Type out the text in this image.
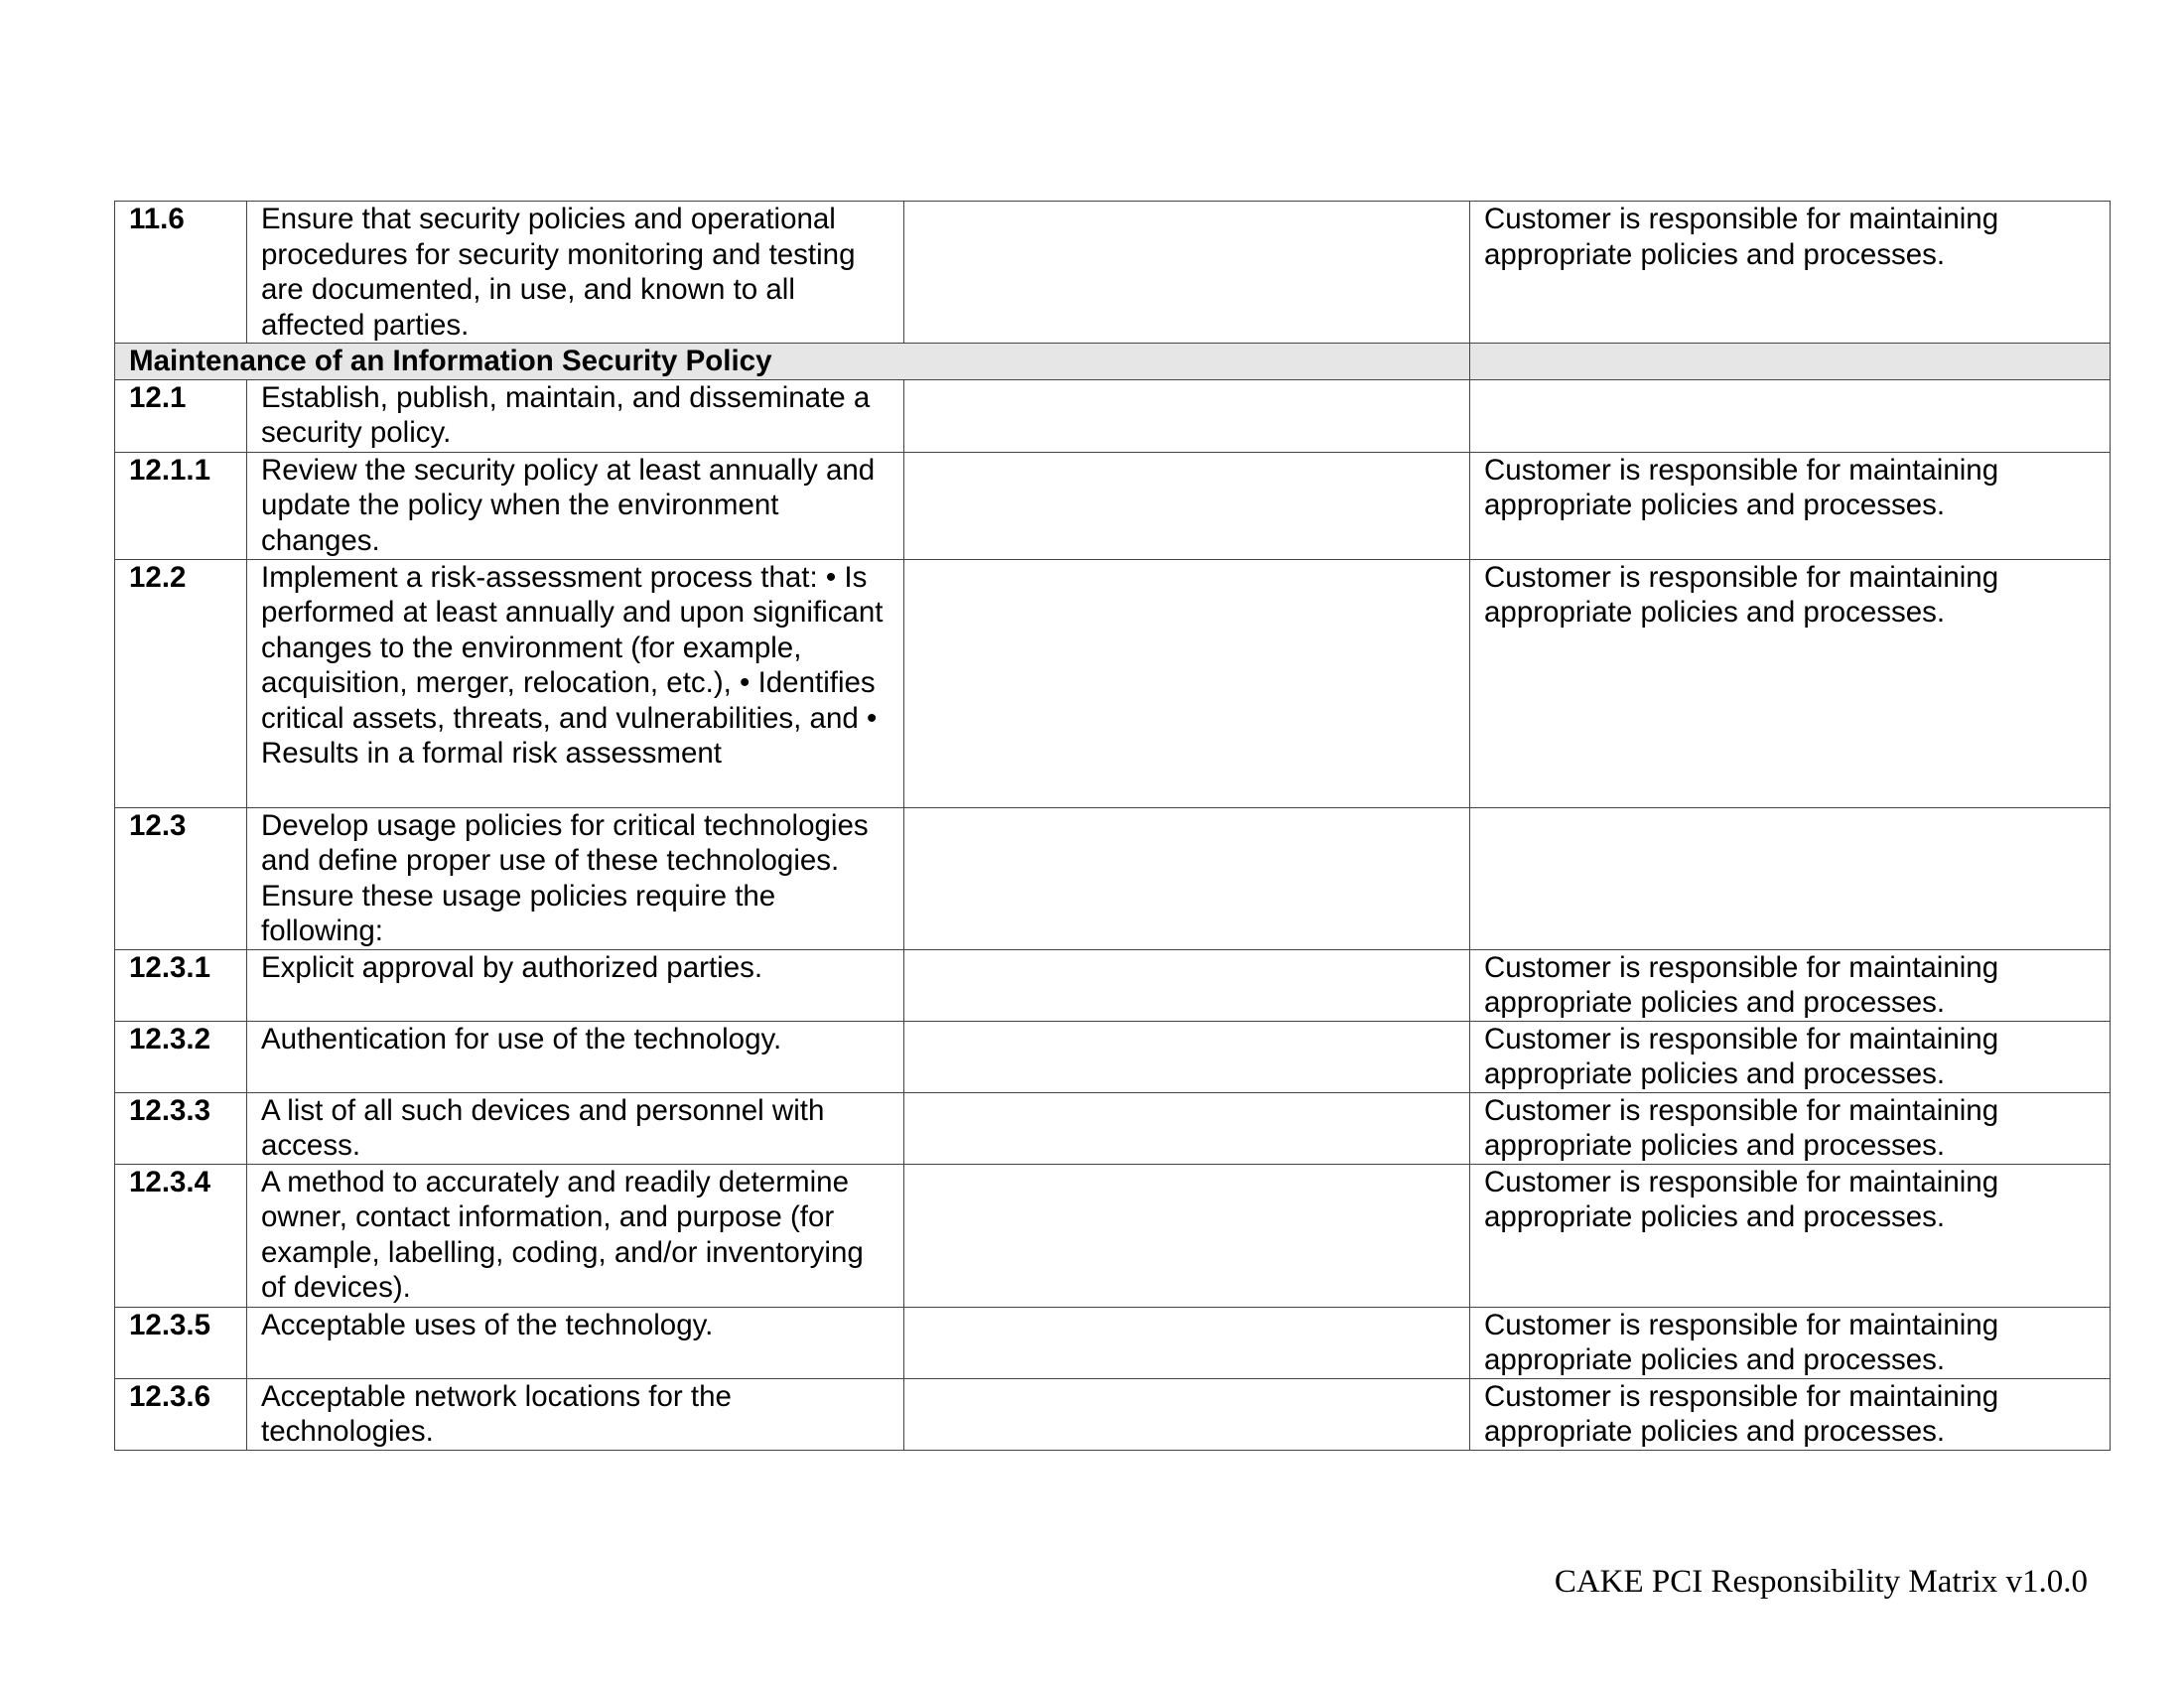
11.6	Ensure that security policies and operational procedures for security monitoring and testing are documented, in use, and known to all affected parties.		Customer is responsible for maintaining appropriate policies and processes.
Maintenance of an Information Security Policy			
12.1	Establish, publish, maintain, and disseminate a security policy.		
12.1.1	Review the security policy at least annually and update the policy when the environment changes.		Customer is responsible for maintaining appropriate policies and processes.
12.2	Implement a risk-assessment process that: • Is performed at least annually and upon significant changes to the environment (for example, acquisition, merger, relocation, etc.), • Identifies critical assets, threats, and vulnerabilities, and • Results in a formal risk assessment		Customer is responsible for maintaining appropriate policies and processes.
12.3	Develop usage policies for critical technologies and define proper use of these technologies. Ensure these usage policies require the following:		
12.3.1	Explicit approval by authorized parties.		Customer is responsible for maintaining appropriate policies and processes.
12.3.2	Authentication for use of the technology.		Customer is responsible for maintaining appropriate policies and processes.
12.3.3	A list of all such devices and personnel with access.		Customer is responsible for maintaining appropriate policies and processes.
12.3.4	A method to accurately and readily determine owner, contact information, and purpose (for example, labelling, coding, and/or inventorying of devices).		Customer is responsible for maintaining appropriate policies and processes.
12.3.5	Acceptable uses of the technology.		Customer is responsible for maintaining appropriate policies and processes.
12.3.6	Acceptable network locations for the technologies.		Customer is responsible for maintaining appropriate policies and processes.
CAKE PCI Responsibility Matrix v1.0.0
